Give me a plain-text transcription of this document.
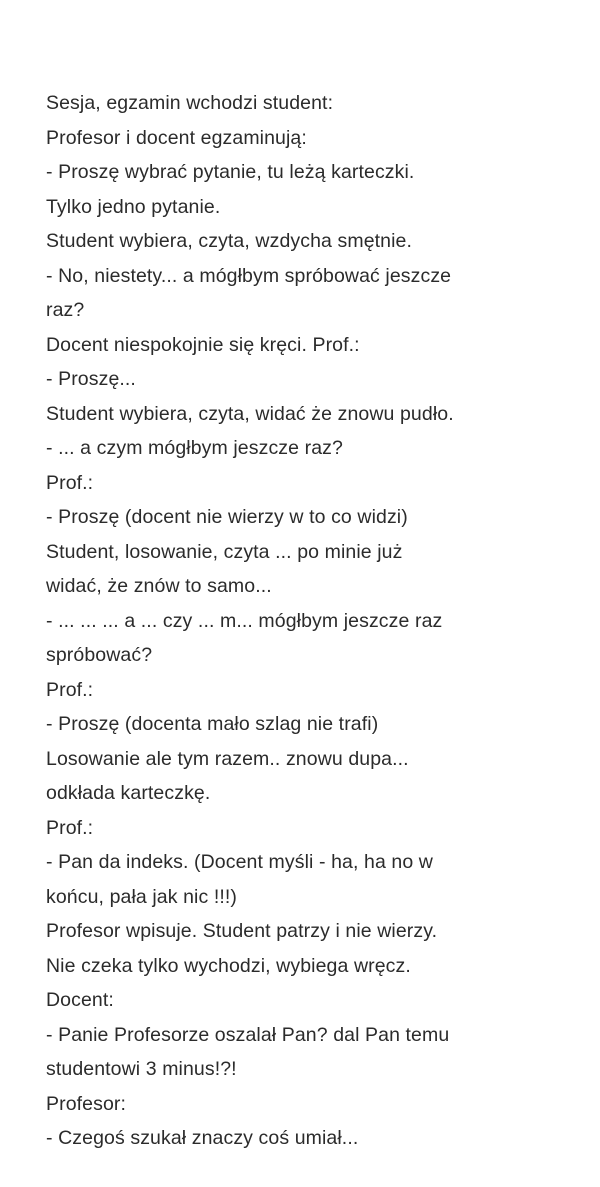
Sesja, egzamin wchodzi student:
Profesor i docent egzaminują:
- Proszę wybrać pytanie, tu leżą karteczki.
Tylko jedno pytanie.
Student wybiera, czyta, wzdycha smętnie.
- No, niestety... a mógłbym spróbować jeszcze
raz?
Docent niespokojnie się kręci. Prof.:
- Proszę...
Student wybiera, czyta, widać że znowu pudło.
- ... a czym mógłbym jeszcze raz?
Prof.:
- Proszę (docent nie wierzy w to co widzi)
Student, losowanie, czyta ... po minie już
widać, że znów to samo...
- ... ... ... a ... czy ... m... mógłbym jeszcze raz
spróbować?
Prof.:
- Proszę (docenta mało szlag nie trafi)
Losowanie ale tym razem.. znowu dupa...
odkłada karteczkę.
Prof.:
- Pan da indeks. (Docent myśli - ha, ha no w
końcu, pała jak nic !!!)
Profesor wpisuje. Student patrzy i nie wierzy.
Nie czeka tylko wychodzi, wybiega wręcz.
Docent:
- Panie Profesorze oszalał Pan? dal Pan temu
studentowi 3 minus!?!
Profesor:
- Czegoś szukał znaczy coś umiał...
